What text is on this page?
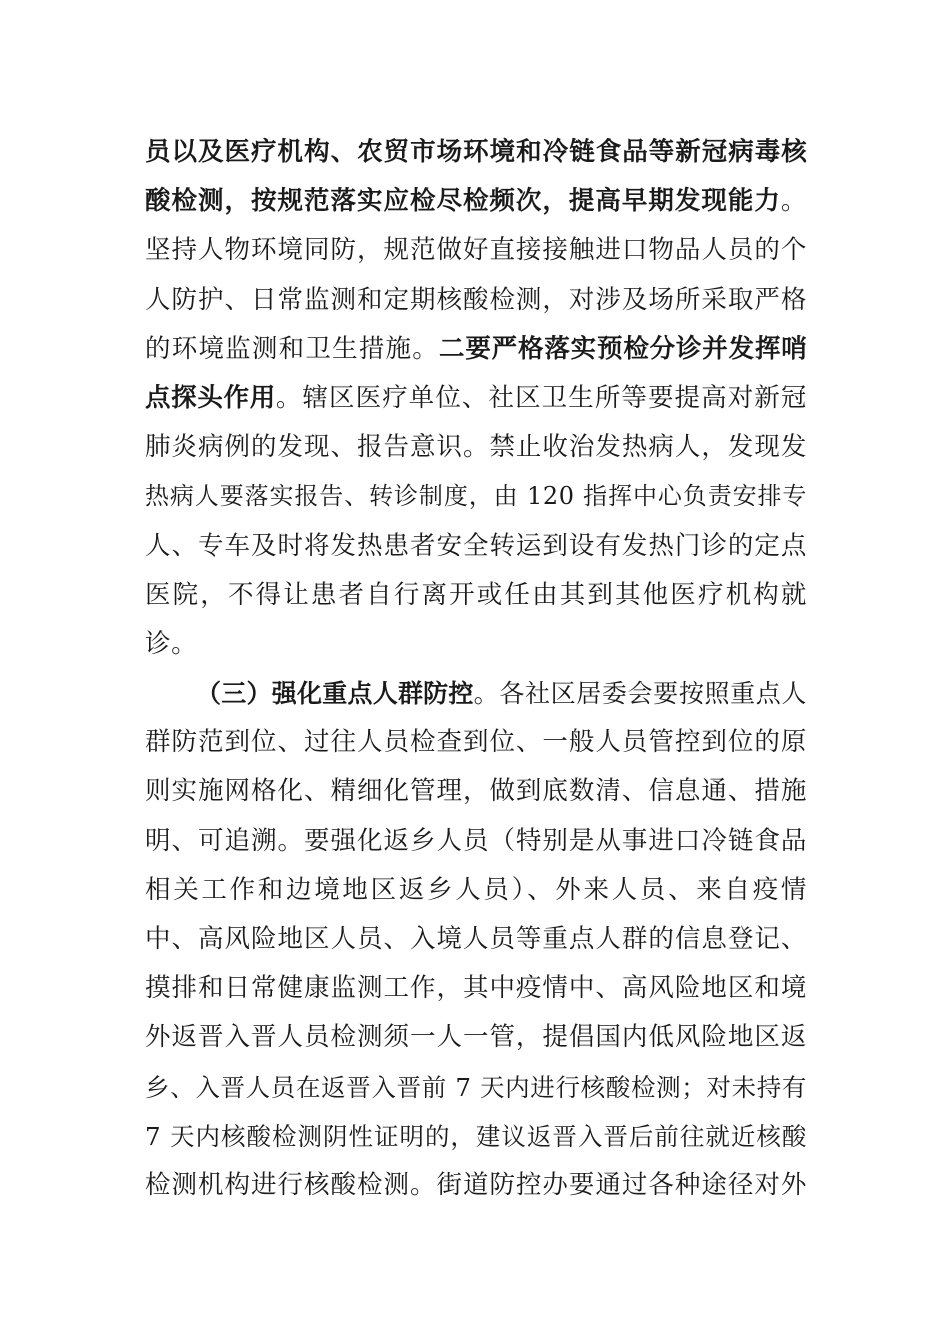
员以及医疗机构、农贸市场环境和冷链食品等新冠病毒核
酸检测，按规范落实应检尽检频次，提高早期发现能力。
坚持人物环境同防，规范做好直接接触进口物品人员的个
人防护、日常监测和定期核酸检测，对涉及场所采取严格
的环境监测和卫生措施。二要严格落实预检分诊并发挥哨
点探头作用。辖区医疗单位、社区卫生所等要提高对新冠
肺炎病例的发现、报告意识。禁止收治发热病人，发现发
热病人要落实报告、转诊制度，由 120 指挥中心负责安排专
人、专车及时将发热患者安全转运到设有发热门诊的定点
医院，不得让患者自行离开或任由其到其他医疗机构就
诊。
（三）强化重点人群防控。各社区居委会要按照重点人
群防范到位、过往人员检查到位、一般人员管控到位的原
则实施网格化、精细化管理，做到底数清、信息通、措施
明、可追溯。要强化返乡人员（特别是从事进口冷链食品
相关工作和边境地区返乡人员）、外来人员、来自疫情
中、高风险地区人员、入境人员等重点人群的信息登记、
摸排和日常健康监测工作，其中疫情中、高风险地区和境
外返晋入晋人员检测须一人一管，提倡国内低风险地区返
乡、入晋人员在返晋入晋前 7 天内进行核酸检测；对未持有
7 天内核酸检测阴性证明的，建议返晋入晋后前往就近核酸
检测机构进行核酸检测。街道防控办要通过各种途径对外
